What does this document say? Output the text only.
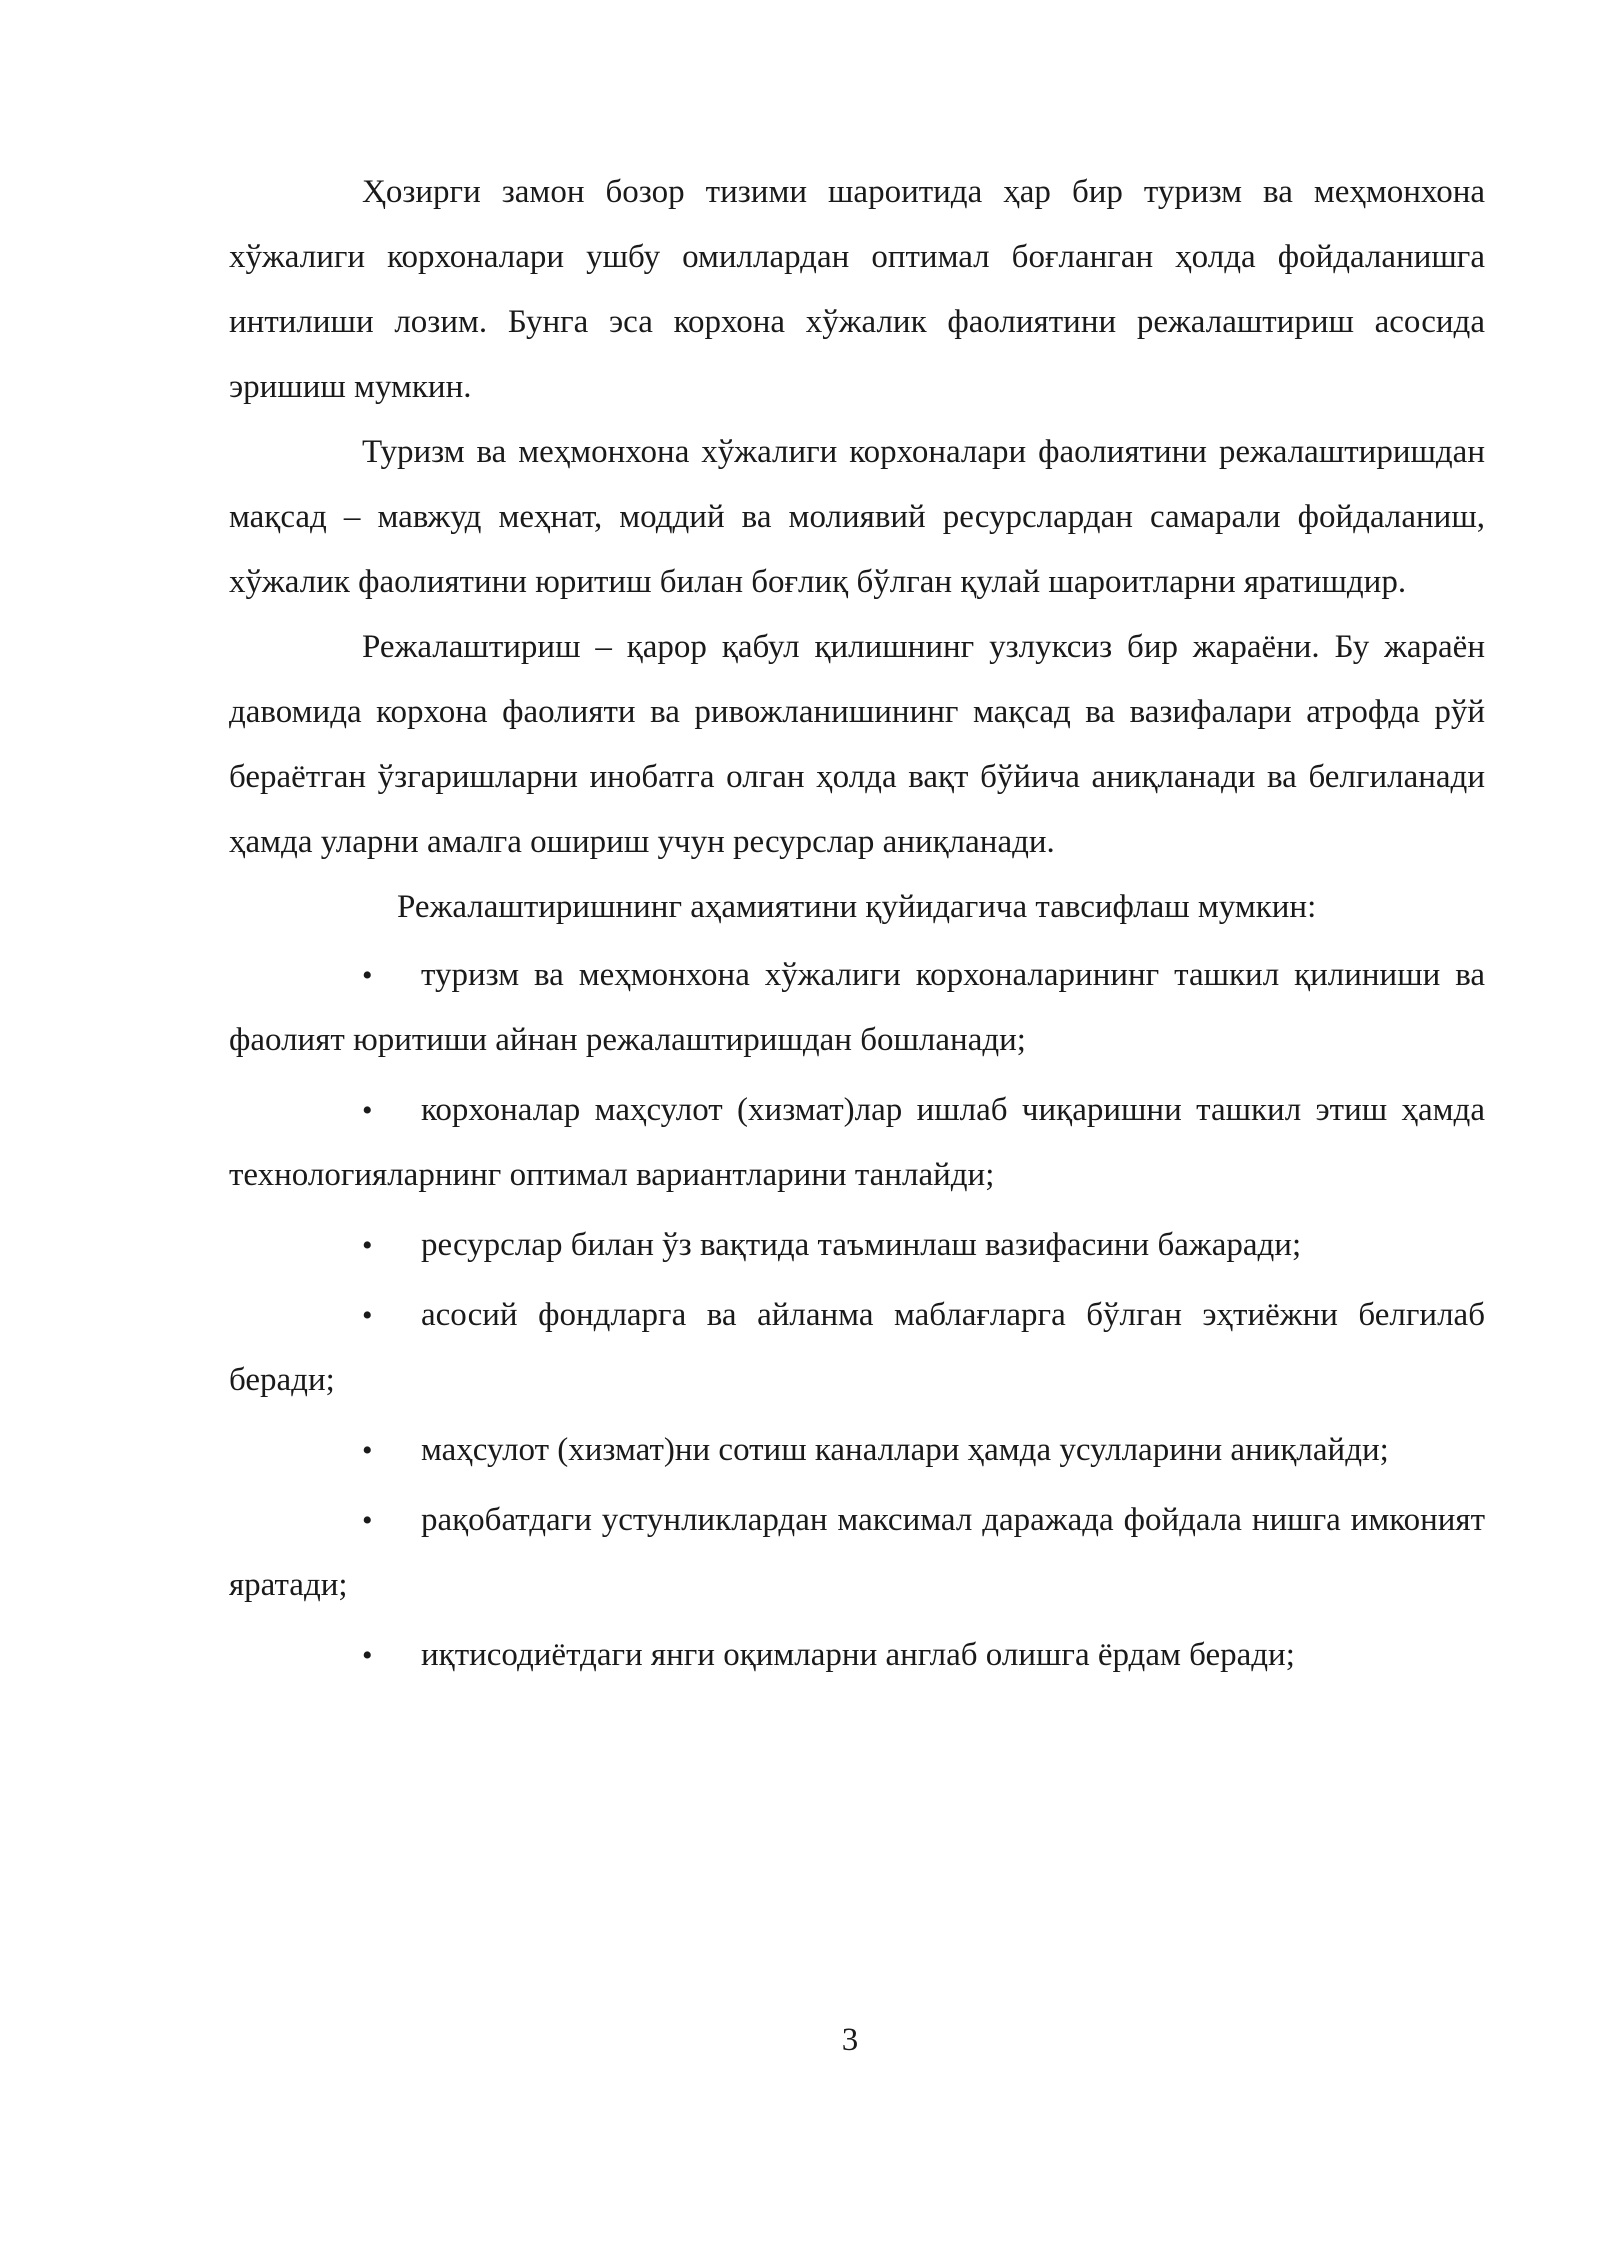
Ҳозирги замон бозор тизими шароитида ҳар бир туризм ва меҳмонхона хўжалиги корхоналари ушбу омиллардан оптимал боғланган ҳолда фойдаланишга интилиши лозим. Бунга эса корхона хўжалик фаолиятини режалаштириш асосида эришиш мумкин.

Туризм ва меҳмонхона хўжалиги корхоналари фаолиятини режалаштиришдан мақсад – мавжуд меҳнат, моддий ва молиявий ресурслардан самарали фойдаланиш, хўжалик фаолиятини юритиш билан боғлиқ бўлган қулай шароитларни яратишдир.

Режалаштириш – қарор қабул қилишнинг узлуксиз бир жараёни. Бу жараён давомида корхона фаолияти ва ривожланишининг мақсад ва вазифалари атрофда рўй бераётган ўзгаришларни инобатга олган ҳолда вақт бўйича аниқланади ва белгиланади ҳамда уларни амалга ошириш учун ресурслар аниқланади.

Режалаштиришнинг аҳамиятини қуйидагича тавсифлаш мумкин:

• туризм ва меҳмонхона хўжалиги корхоналарининг ташкил қилиниши ва фаолият юритиши айнан режалаштиришдан бошланади;
• корхоналар маҳсулот (хизмат)лар ишлаб чиқаришни ташкил этиш ҳамда технологияларнинг оптимал вариантларини танлайди;
• ресурслар билан ўз вақтида таъминлаш вазифасини бажаради;
• асосий фондларга ва айланма маблағларга бўлган эҳтиёжни белгилаб беради;
• маҳсулот (хизмат)ни сотиш каналлари ҳамда усулларини аниқлайди;
• рақобатдаги устунликлардан максимал даражада фойдала нишга имконият яратади;
• иқтисодиётдаги янги оқимларни англаб олишга ёрдам беради;
3
